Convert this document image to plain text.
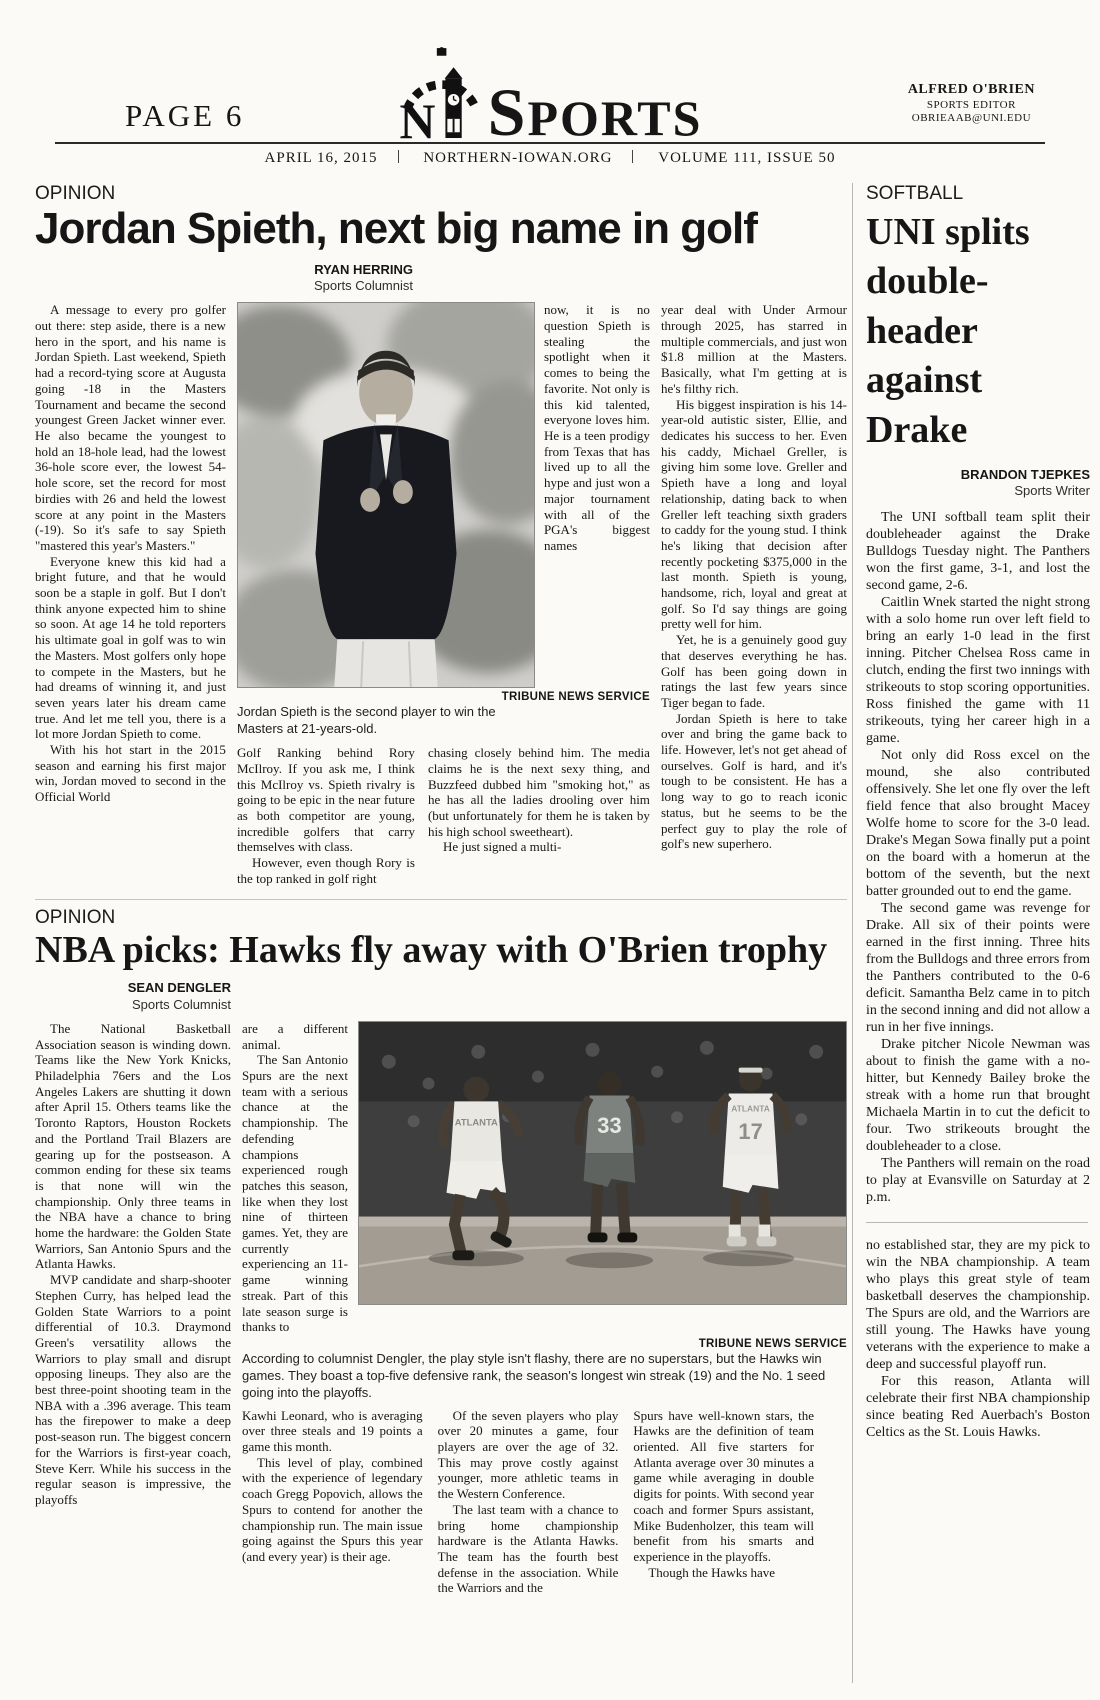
PAGE 6	N SPORTS
ALFRED O'BRIEN
SPORTS EDITOR
OBRIEAAB@UNI.EDU
APRIL 16, 2015	NORTHERN-IOWAN.ORG	VOLUME 111, ISSUE 50
OPINION
Jordan Spieth, next big name in golf
RYAN HERRING
Sports Columnist

A message to every pro golfer out there: step aside, there is a new hero in the sport, and his name is Jordan Spieth. Last weekend, Spieth had a record-tying score at Augusta going -18 in the Masters Tournament and became the second youngest Green Jacket winner ever. He also became the youngest to hold an 18-hole lead, had the lowest 36-hole score ever, the lowest 54-hole score, set the record for most birdies with 26 and held the lowest score at any point in the Masters (-19). So it's safe to say Spieth "mastered this year's Masters."

Everyone knew this kid had a bright future, and that he would soon be a staple in golf. But I don't think anyone expected him to shine so soon. At age 14 he told reporters his ultimate goal in golf was to win the Masters. Most golfers only hope to compete in the Masters, but he had dreams of winning it, and just seven years later his dream came true. And let me tell you, there is a lot more Jordan Spieth to come.

With his hot start in the 2015 season and earning his first major win, Jordan moved to second in the Official World

now, it is no question Spieth is stealing the spotlight when it comes to being the favorite. Not only is this kid talented, everyone loves him. He is a teen prodigy from Texas that has lived up to all the hype and just won a major tournament with all of the PGA's biggest names

TRIBUNE NEWS SERVICE
Jordan Spieth is the second player to win the Masters at 21-years-old.

Golf Ranking behind Rory McIlroy. If you ask me, I think this McIlroy vs. Spieth rivalry is going to be epic in the near future as both competitor are young, incredible golfers that carry themselves with class.

However, even though Rory is the top ranked in golf right

chasing closely behind him. The media claims he is the next sexy thing, and Buzzfeed dubbed him "smoking hot," as he has all the ladies drooling over him (but unfortunately for them he is taken by his high school sweetheart).

He just signed a multi-

year deal with Under Armour through 2025, has starred in multiple commercials, and just won $1.8 million at the Masters. Basically, what I'm getting at is he's filthy rich.

His biggest inspiration is his 14-year-old autistic sister, Ellie, and dedicates his success to her. Even his caddy, Michael Greller, is giving him some love. Greller and Spieth have a long and loyal relationship, dating back to when Greller left teaching sixth graders to caddy for the young stud. I think he's liking that decision after recently pocketing $375,000 in the last month. Spieth is young, handsome, rich, loyal and great at golf. So I'd say things are going pretty well for him.

Yet, he is a genuinely good guy that deserves everything he has. Golf has been going down in ratings the last few years since Tiger began to fade.

Jordan Spieth is here to take over and bring the game back to life. However, let's not get ahead of ourselves. Golf is hard, and it's tough to be consistent. He has a long way to go to reach iconic status, but he seems to be the perfect guy to play the role of golf's new superhero.

OPINION
NBA picks: Hawks fly away with O'Brien trophy
SEAN DENGLER
Sports Columnist

The National Basketball Association season is winding down. Teams like the New York Knicks, Philadelphia 76ers and the Los Angeles Lakers are shutting it down after April 15. Others teams like the Toronto Raptors, Houston Rockets and the Portland Trail Blazers are gearing up for the postseason. A common ending for these six teams is that none will win the championship. Only three teams in the NBA have a chance to bring home the hardware: the Golden State Warriors, San Antonio Spurs and the Atlanta Hawks.

MVP candidate and sharp-shooter Stephen Curry, has helped lead the Golden State Warriors to a point differential of 10.3. Draymond Green's versatility allows the Warriors to play small and disrupt opposing lineups. They also are the best three-point shooting team in the NBA with a .396 average. This team has the firepower to make a deep post-season run. The biggest concern for the Warriors is first-year coach, Steve Kerr. While his success in the regular season is impressive, the playoffs

are a different animal.

The San Antonio Spurs are the next team with a serious chance at the championship. The defending champions experienced rough patches this season, like when they lost nine of thirteen games. Yet, they are currently experiencing an 11-game winning streak. Part of this late season surge is thanks to

ATLANTA	33
ATLANTA
17
TRIBUNE NEWS SERVICE
According to columnist Dengler, the play style isn't flashy, there are no superstars, but the Hawks win games. They boast a top-five defensive rank, the season's longest win streak (19) and the No. 1 seed going into the playoffs.

Kawhi Leonard, who is averaging over three steals and 19 points a game this month.

This level of play, combined with the experience of legendary coach Gregg Popovich, allows the Spurs to contend for another the championship run. The main issue going against the Spurs this year (and every year) is their age.

Of the seven players who play over 20 minutes a game, four players are over the age of 32. This may prove costly against younger, more athletic teams in the Western Conference.

The last team with a chance to bring home championship hardware is the Atlanta Hawks. The team has the fourth best defense in the association. While the Warriors and the

Spurs have well-known stars, the Hawks are the definition of team oriented. All five starters for Atlanta average over 30 minutes a game while averaging in double digits for points. With second year coach and former Spurs assistant, Mike Budenholzer, this team will benefit from his smarts and experience in the playoffs.

Though the Hawks have

SOFTBALL
UNI splits double-header against Drake
BRANDON TJEPKES
Sports Writer

The UNI softball team split their doubleheader against the Drake Bulldogs Tuesday night. The Panthers won the first game, 3-1, and lost the second game, 2-6.

Caitlin Wnek started the night strong with a solo home run over left field to bring an early 1-0 lead in the first inning. Pitcher Chelsea Ross came in clutch, ending the first two innings with strikeouts to stop scoring opportunities. Ross finished the game with 11 strikeouts, tying her career high in a game.

Not only did Ross excel on the mound, she also contributed offensively. She let one fly over the left field fence that also brought Macey Wolfe home to score for the 3-0 lead. Drake's Megan Sowa finally put a point on the board with a homerun at the bottom of the seventh, but the next batter grounded out to end the game.

The second game was revenge for Drake. All six of their points were earned in the first inning. Three hits from the Bulldogs and three errors from the Panthers contributed to the 0-6 deficit. Samantha Belz came in to pitch in the second inning and did not allow a run in her five innings.

Drake pitcher Nicole Newman was about to finish the game with a no-hitter, but Kennedy Bailey broke the streak with a home run that brought Michaela Martin in to cut the deficit to four. Two strikeouts brought the doubleheader to a close.

The Panthers will remain on the road to play at Evansville on Saturday at 2 p.m.

no established star, they are my pick to win the NBA championship. A team who plays this great style of team basketball deserves the championship. The Spurs are old, and the Warriors are still young. The Hawks have young veterans with the experience to make a deep and successful playoff run.

For this reason, Atlanta will celebrate their first NBA championship since beating Red Auerbach's Boston Celtics as the St. Louis Hawks.
